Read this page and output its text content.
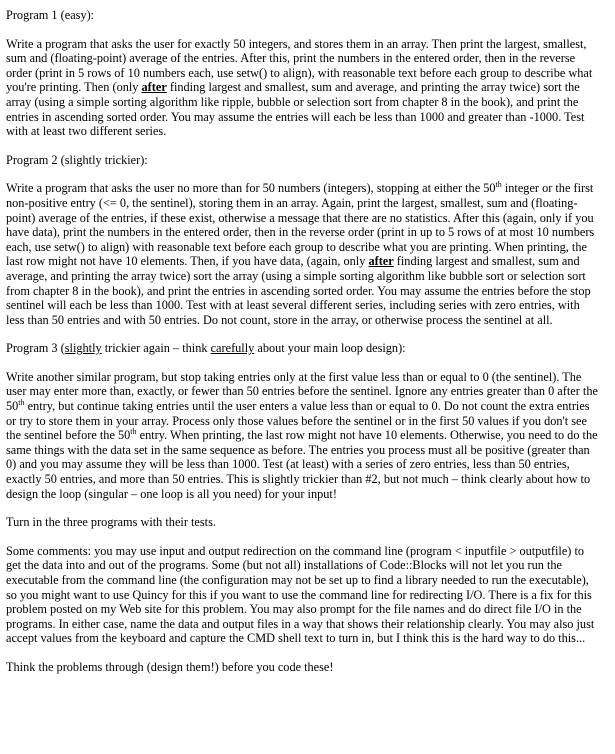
Program 1 (easy):

Write a program that asks the user for exactly 50 integers, and stores them in an array. Then print the largest, smallest, sum and (floating-point) average of the entries. After this, print the numbers in the entered order, then in the reverse order (print in 5 rows of 10 numbers each, use setw() to align), with reasonable text before each group to describe what you're printing. Then (only after finding largest and smallest, sum and average, and printing the array twice) sort the array (using a simple sorting algorithm like ripple, bubble or selection sort from chapter 8 in the book), and print the entries in ascending sorted order. You may assume the entries will each be less than 1000 and greater than -1000. Test with at least two different series.

Program 2 (slightly trickier):

Write a program that asks the user no more than for 50 numbers (integers), stopping at either the 50th integer or the first non-positive entry (<= 0, the sentinel), storing them in an array. Again, print the largest, smallest, sum and (floating-point) average of the entries, if these exist, otherwise a message that there are no statistics. After this (again, only if you have data), print the numbers in the entered order, then in the reverse order (print in up to 5 rows of at most 10 numbers each, use setw() to align) with reasonable text before each group to describe what you are printing. When printing, the last row might not have 10 elements. Then, if you have data, (again, only after finding largest and smallest, sum and average, and printing the array twice) sort the array (using a simple sorting algorithm like bubble sort or selection sort from chapter 8 in the book), and print the entries in ascending sorted order. You may assume the entries before the stop sentinel will each be less than 1000. Test with at least several different series, including series with zero entries, with less than 50 entries and with 50 entries. Do not count, store in the array, or otherwise process the sentinel at all.

Program 3 (slightly trickier again – think carefully about your main loop design):

Write another similar program, but stop taking entries only at the first value less than or equal to 0 (the sentinel). The user may enter more than, exactly, or fewer than 50 entries before the sentinel. Ignore any entries greater than 0 after the 50th entry, but continue taking entries until the user enters a value less than or equal to 0. Do not count the extra entries or try to store them in your array. Process only those values before the sentinel or in the first 50 values if you don't see the sentinel before the 50th entry. When printing, the last row might not have 10 elements. Otherwise, you need to do the same things with the data set in the same sequence as before. The entries you process must all be positive (greater than 0) and you may assume they will be less than 1000. Test (at least) with a series of zero entries, less than 50 entries, exactly 50 entries, and more than 50 entries. This is slightly trickier than #2, but not much – think clearly about how to design the loop (singular – one loop is all you need) for your input!

Turn in the three programs with their tests.

Some comments: you may use input and output redirection on the command line (program < inputfile > outputfile) to get the data into and out of the programs. Some (but not all) installations of Code::Blocks will not let you run the executable from the command line (the configuration may not be set up to find a library needed to run the executable), so you might want to use Quincy for this if you want to use the command line for redirecting I/O. There is a fix for this problem posted on my Web site for this problem. You may also prompt for the file names and do direct file I/O in the programs. In either case, name the data and output files in a way that shows their relationship clearly. You may also just accept values from the keyboard and capture the CMD shell text to turn in, but I think this is the hard way to do this...

Think the problems through (design them!) before you code these!
